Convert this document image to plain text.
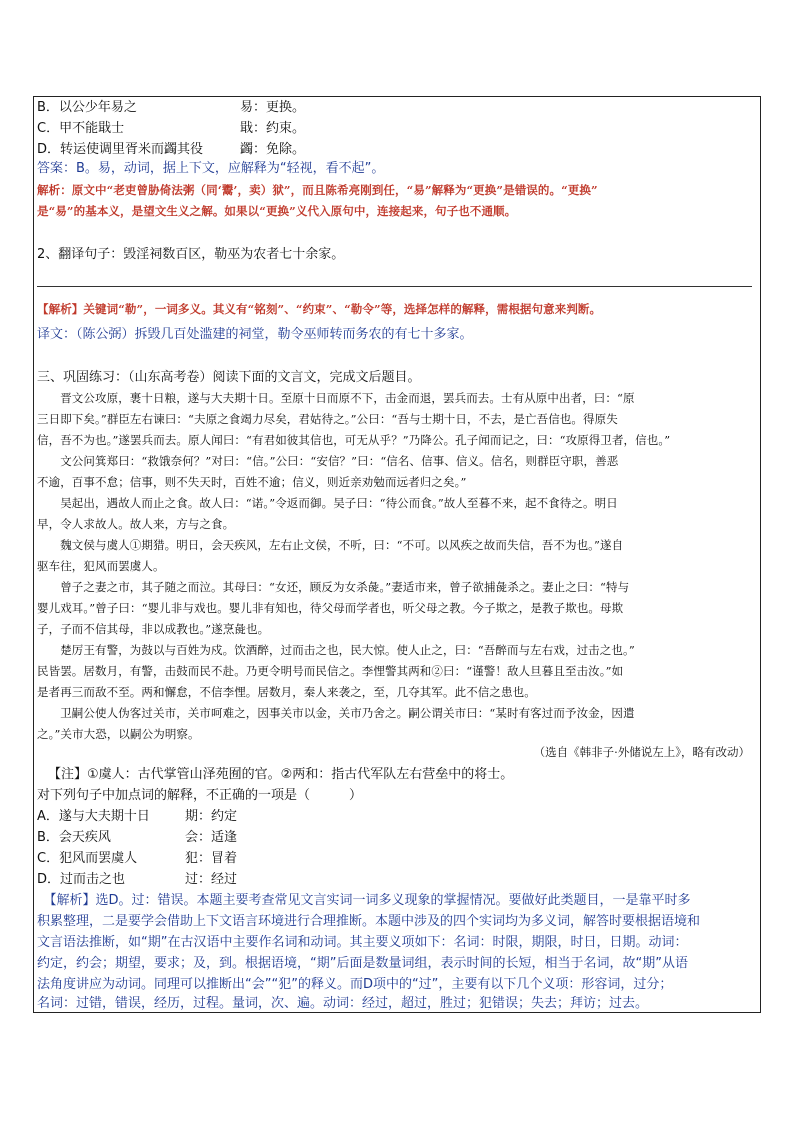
B．以公少年易之	易：更换。
C．甲不能戢士	戢：约束。
D．转运使调里胥米而蠲其役	蠲：免除。
答案：B。易，动词，据上下文，应解释为“轻视，看不起”。
解析：原文中“老吏曾胁倚法粥（同‘鬻’，卖）狱”，而且陈希亮刚到任，“易”解释为“更换”是错误的。“更换”
是“易”的基本义，是望文生义之解。如果以“更换”义代入原句中，连接起来，句子也不通顺。
2、翻译句子：毁淫祠数百区，勒巫为农者七十余家。
【解析】关键词“勒”，一词多义。其义有“铭刻”、“约束”、“勒令”等，选择怎样的解释，需根据句意来判断。
译文：（陈公弼）拆毁几百处滥建的祠堂，勒令巫师转而务农的有七十多家。
三、巩固练习：（山东高考卷）阅读下面的文言文，完成文后题目。
　　晋文公攻原，裹十日粮，遂与大夫期十日。至原十日而原不下，击金而退，罢兵而去。士有从原中出者，曰：“原
三日即下矣。”群臣左右谏曰：“夫原之食竭力尽矣，君姑待之。”公曰：“吾与士期十日，不去，是亡吾信也。得原失
信，吾不为也。”遂罢兵而去。原人闻曰：“有君如彼其信也，可无从乎？”乃降公。孔子闻而记之，曰：“攻原得卫者，信也。”
　　文公问箕郑曰：“救饿奈何？”对曰：“信。”公曰：“安信？”曰：“信名、信事、信义。信名，则群臣守职，善恶
不逾，百事不怠；信事，则不失天时，百姓不逾；信义，则近亲劝勉而远者归之矣。”
　　吴起出，遇故人而止之食。故人曰：“诺。”令返而御。吴子曰：“待公而食。”故人至暮不来，起不食待之。明日
早，令人求故人。故人来，方与之食。
　　魏文侯与虞人①期猎。明日，会天疾风，左右止文侯，不听，曰：“不可。以风疾之故而失信，吾不为也。”遂自
驱车往，犯风而罢虞人。
　　曾子之妻之市，其子随之而泣。其母曰：“女还，顾反为女杀彘。”妻适市来，曾子欲捕彘杀之。妻止之曰：“特与
婴儿戏耳。”曾子曰：“婴儿非与戏也。婴儿非有知也，待父母而学者也，听父母之教。今子欺之，是教子欺也。母欺
子，子而不信其母，非以成教也。”遂烹彘也。
　　楚厉王有警，为鼓以与百姓为戍。饮酒醉，过而击之也，民大惊。使人止之，曰：“吾醉而与左右戏，过击之也。”
民皆罢。居数月，有警，击鼓而民不赴。乃更令明号而民信之。李悝警其两和②曰：“谨警！敌人旦暮且至击汝。”如
是者再三而敌不至。两和懈怠，不信李悝。居数月，秦人来袭之，至，几夺其军。此不信之患也。
　　卫嗣公使人伪客过关市，关市呵难之，因事关市以金，关市乃舍之。嗣公谓关市曰：“某时有客过而予汝金，因遣
之。”关市大恐，以嗣公为明察。
（选自《韩非子·外储说左上》，略有改动）
【注】①虞人：古代掌管山泽苑囿的官。②两和：指古代军队左右营垒中的将士。
对下列句子中加点词的解释，不正确的一项是（　　　）
A．遂与大夫期十日	期：约定
B．会天疾风	会：适逢
C．犯风而罢虞人	犯：冒着
D．过而击之也	过：经过
　【解析】选D。过：错误。本题主要考查常见文言实词一词多义现象的掌握情况。要做好此类题目，一是靠平时多
积累整理，二是要学会借助上下文语言环境进行合理推断。本题中涉及的四个实词均为多义词，解答时要根据语境和
文言语法推断，如“期”在古汉语中主要作名词和动词。其主要义项如下：名词：时限，期限，时日，日期。动词：
约定，约会；期望，要求；及，到。根据语境，“期”后面是数量词组，表示时间的长短，相当于名词，故“期”从语
法角度讲应为动词。同理可以推断出“会”“犯”的释义。而D项中的“过”，主要有以下几个义项：形容词，过分；
名词：过错，错误，经历，过程。量词，次、遍。动词：经过，超过，胜过；犯错误；失去；拜访；过去。
